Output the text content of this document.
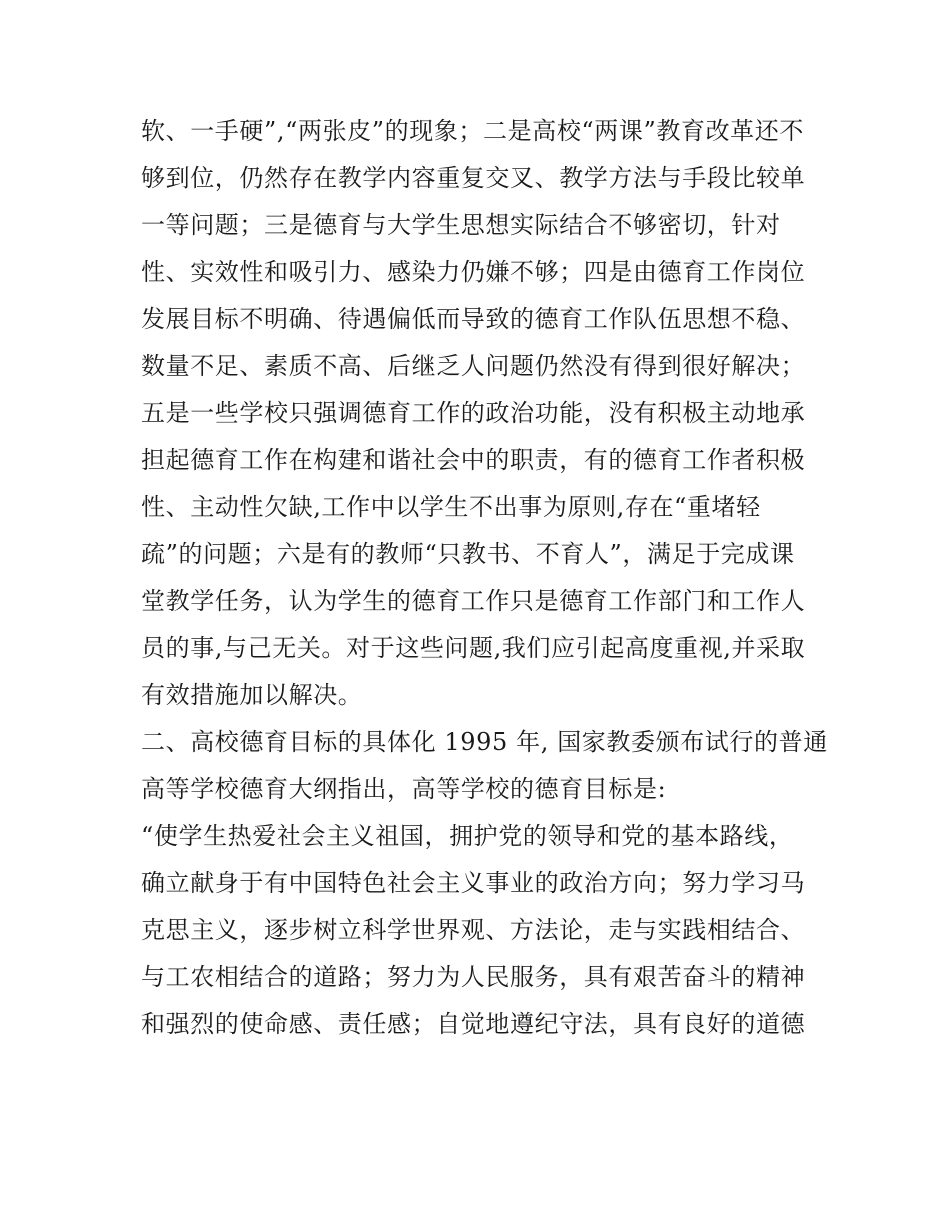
软、一手硬”,“两张皮”的现象；二是高校“两课”教育改革还不
够到位，仍然存在教学内容重复交叉、教学方法与手段比较单
一等问题；三是德育与大学生思想实际结合不够密切，针对
性、实效性和吸引力、感染力仍嫌不够；四是由德育工作岗位
发展目标不明确、待遇偏低而导致的德育工作队伍思想不稳、
数量不足、素质不高、后继乏人问题仍然没有得到很好解决；
五是一些学校只强调德育工作的政治功能，没有积极主动地承
担起德育工作在构建和谐社会中的职责，有的德育工作者积极
性、主动性欠缺,工作中以学生不出事为原则,存在“重堵轻
疏”的问题；六是有的教师“只教书、不育人”，满足于完成课
堂教学任务，认为学生的德育工作只是德育工作部门和工作人
员的事,与己无关。对于这些问题,我们应引起高度重视,并采取
有效措施加以解决。
二、高校德育目标的具体化 1995 年, 国家教委颁布试行的普通
高等学校德育大纲指出，高等学校的德育目标是:
“使学生热爱社会主义祖国，拥护党的领导和党的基本路线，
确立献身于有中国特色社会主义事业的政治方向；努力学习马
克思主义，逐步树立科学世界观、方法论，走与实践相结合、
与工农相结合的道路；努力为人民服务，具有艰苦奋斗的精神
和强烈的使命感、责任感；自觉地遵纪守法，具有良好的道德
